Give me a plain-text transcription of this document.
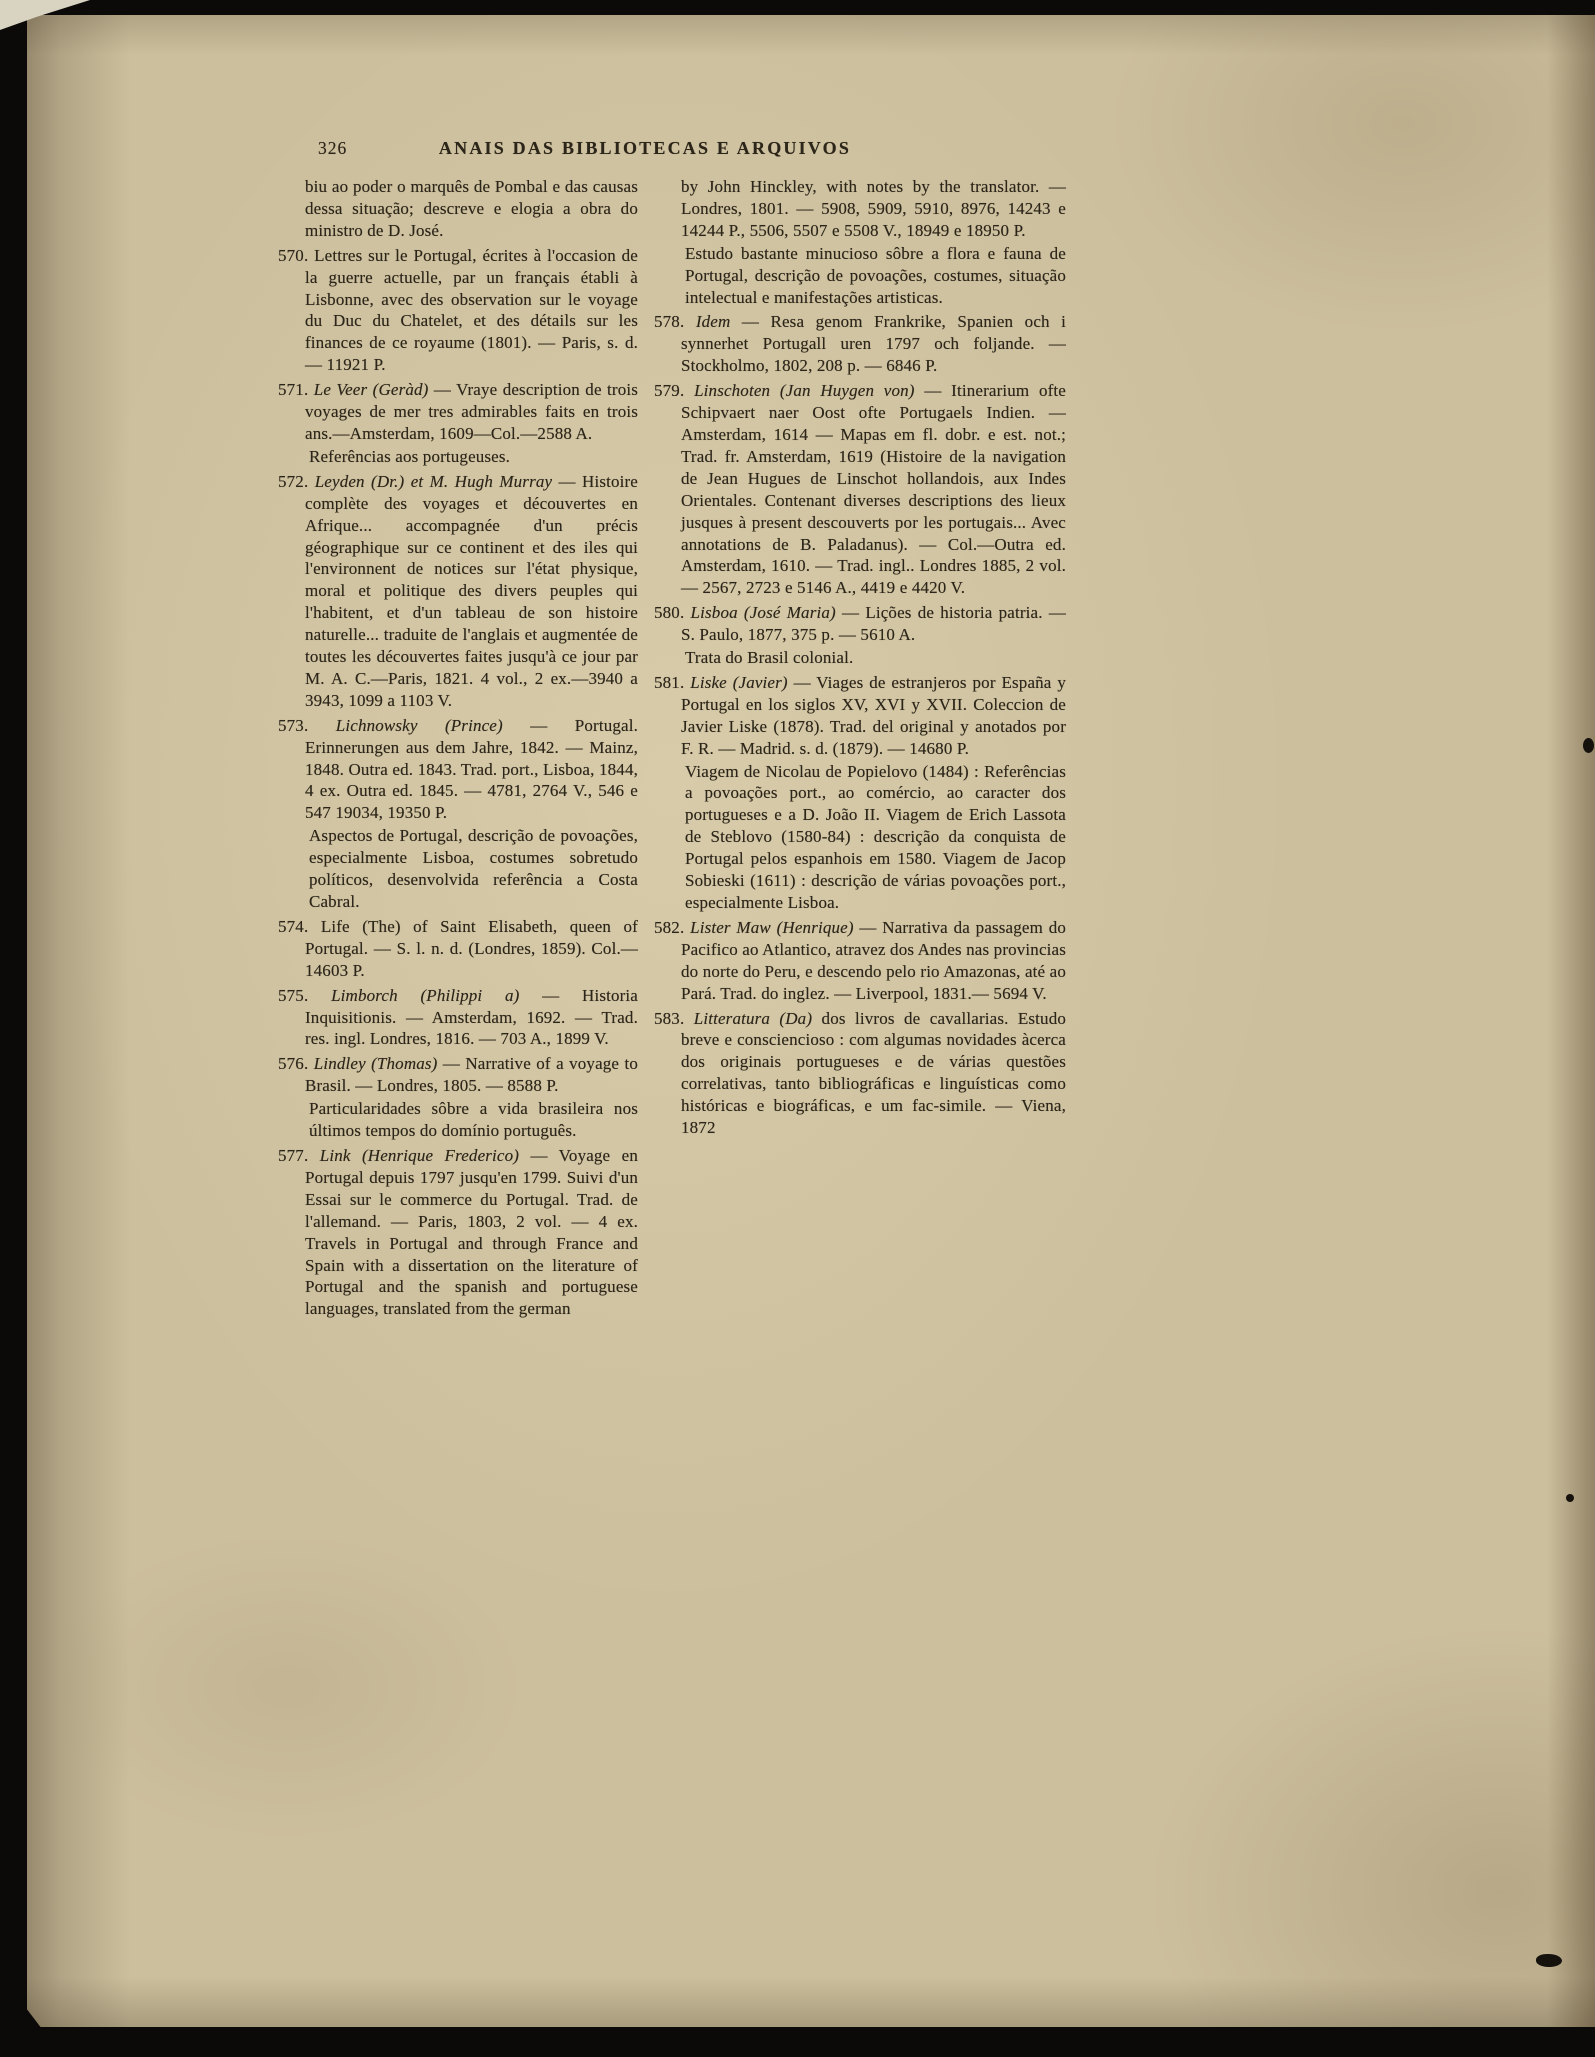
326	ANAIS DAS BIBLIOTECAS E ARQUIVOS

biu ao poder o marquês de Pombal e das causas dessa situação; descreve e elogia a obra do ministro de D. José.

570. Lettres sur le Portugal, écrites à l'occasion de la guerre actuelle, par un français établi à Lisbonne, avec des observation sur le voyage du Duc du Chatelet, et des détails sur les finances de ce royaume (1801). — Paris, s. d.— 11921 P.

571. Le Veer (Geràd) — Vraye description de trois voyages de mer tres admirables faits en trois ans.—Amsterdam, 1609—Col.—2588 A.

Referências aos portugeuses.

572. Leyden (Dr.) et M. Hugh Murray — Histoire complète des voyages et découvertes en Afrique... accompagnée d'un précis géographique sur ce continent et des iles qui l'environnent de notices sur l'état physique, moral et politique des divers peuples qui l'habitent, et d'un tableau de son histoire naturelle... traduite de l'anglais et augmentée de toutes les découvertes faites jusqu'à ce jour par M. A. C.—Paris, 1821. 4 vol., 2 ex.—3940 a 3943, 1099 a 1103 V.

573. Lichnowsky (Prince) — Portugal. Erinnerungen aus dem Jahre, 1842. — Mainz, 1848. Outra ed. 1843. Trad. port., Lisboa, 1844, 4 ex. Outra ed. 1845. — 4781, 2764 V., 546 e 547 19034, 19350 P.

Aspectos de Portugal, descrição de povoações, especialmente Lisboa, costumes sobretudo políticos, desenvolvida referência a Costa Cabral.

574. Life (The) of Saint Elisabeth, queen of Portugal. — S. l. n. d. (Londres, 1859). Col.— 14603 P.

575. Limborch (Philippi a) — Historia Inquisitionis. — Amsterdam, 1692. — Trad. res. ingl. Londres, 1816. — 703 A., 1899 V.

576. Lindley (Thomas) — Narrative of a voyage to Brasil. — Londres, 1805. — 8588 P.

Particularidades sôbre a vida brasileira nos últimos tempos do domínio português.

577. Link (Henrique Frederico) — Voyage en Portugal depuis 1797 jusqu'en 1799. Suivi d'un Essai sur le commerce du Portugal. Trad. de l'allemand. — Paris, 1803, 2 vol. — 4 ex. Travels in Portugal and through France and Spain with a dissertation on the literature of Portugal and the spanish and portuguese languages, translated from the german

by John Hinckley, with notes by the translator. — Londres, 1801. — 5908, 5909, 5910, 8976, 14243 e 14244 P., 5506, 5507 e 5508 V., 18949 e 18950 P.

Estudo bastante minucioso sôbre a flora e fauna de Portugal, descrição de povoações, costumes, situação intelectual e manifestações artisticas.

578. Idem — Resa genom Frankrike, Spanien och i synnerhet Portugall uren 1797 och foljande. — Stockholmo, 1802, 208 p. — 6846 P.

579. Linschoten (Jan Huygen von) — Itinerarium ofte Schipvaert naer Oost ofte Portugaels Indien. — Amsterdam, 1614 — Mapas em fl. dobr. e est. not.; Trad. fr. Amsterdam, 1619 (Histoire de la navigation de Jean Hugues de Linschot hollandois, aux Indes Orientales. Contenant diverses descriptions des lieux jusques à present descouverts por les portugais... Avec annotations de B. Paladanus). — Col.—Outra ed. Amsterdam, 1610. — Trad. ingl.. Londres 1885, 2 vol. — 2567, 2723 e 5146 A., 4419 e 4420 V.

580. Lisboa (José Maria) — Lições de historia patria. — S. Paulo, 1877, 375 p. — 5610 A.

Trata do Brasil colonial.

581. Liske (Javier) — Viages de estranjeros por España y Portugal en los siglos XV, XVI y XVII. Coleccion de Javier Liske (1878). Trad. del original y anotados por F. R. — Madrid. s. d. (1879). — 14680 P.

Viagem de Nicolau de Popielovo (1484) : Referências a povoações port., ao comércio, ao caracter dos portugueses e a D. João II. Viagem de Erich Lassota de Steblovo (1580-84) : descrição da conquista de Portugal pelos espanhois em 1580. Viagem de Jacop Sobieski (1611) : descrição de várias povoações port., especialmente Lisboa.

582. Lister Maw (Henrique) — Narrativa da passagem do Pacifico ao Atlantico, atravez dos Andes nas provincias do norte do Peru, e descendo pelo rio Amazonas, até ao Pará. Trad. do inglez. — Liverpool, 1831.— 5694 V.

583. Litteratura (Da) dos livros de cavallarias. Estudo breve e consciencioso : com algumas novidades àcerca dos originais portugueses e de várias questões correlativas, tanto bibliográficas e linguísticas como históricas e biográficas, e um fac-simile. — Viena, 1872
